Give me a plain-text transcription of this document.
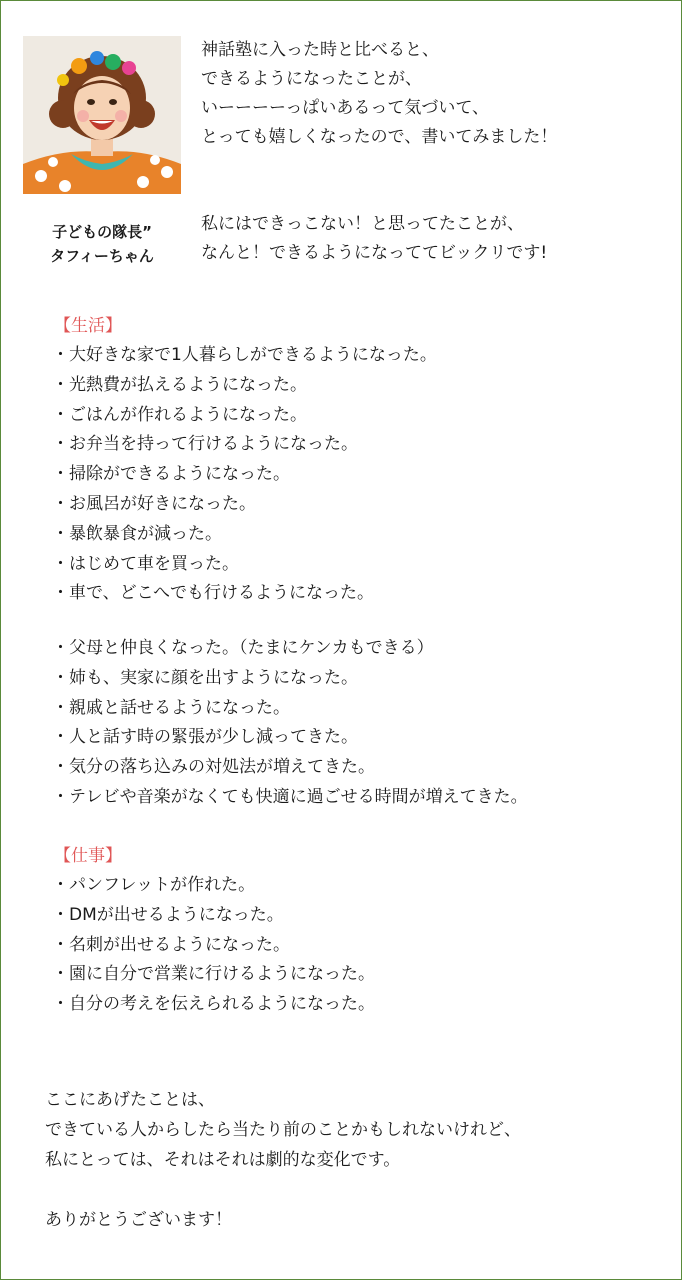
子どもの隊長”
タフィーちゃん
神話塾に入った時と比べると、
できるようになったことが、
いーーーーっぱいあるって気づいて、
とっても嬉しくなったので、書いてみました！
私にはできっこない！と思ってたことが、
なんと！できるようになっててビックリです!
【生活】
・ 大好きな家で1人暮らしができるようになった。
・ 光熱費が払えるようになった。
・ ごはんが作れるようになった。
・ お弁当を持って行けるようになった。
・ 掃除ができるようになった。
・ お風呂が好きになった。
・ 暴飲暴食が減った。
・ はじめて車を買った。
・ 車で、どこへでも行けるようになった。
・ 父母と仲良くなった。（たまにケンカもできる）
・ 姉も、実家に顔を出すようになった。
・ 親戚と話せるようになった。
・ 人と話す時の緊張が少し減ってきた。
・ 気分の落ち込みの対処法が増えてきた。
・ テレビや音楽がなくても快適に過ごせる時間が増えてきた。
【仕事】
・ パンフレットが作れた。
・ DMが出せるようになった。
・ 名刺が出せるようになった。
・ 園に自分で営業に行けるようになった。
・ 自分の考えを伝えられるようになった。
ここにあげたことは、
できている人からしたら当たり前のことかもしれないけれど、
私にとっては、それはそれは劇的な変化です。
ありがとうございます！
